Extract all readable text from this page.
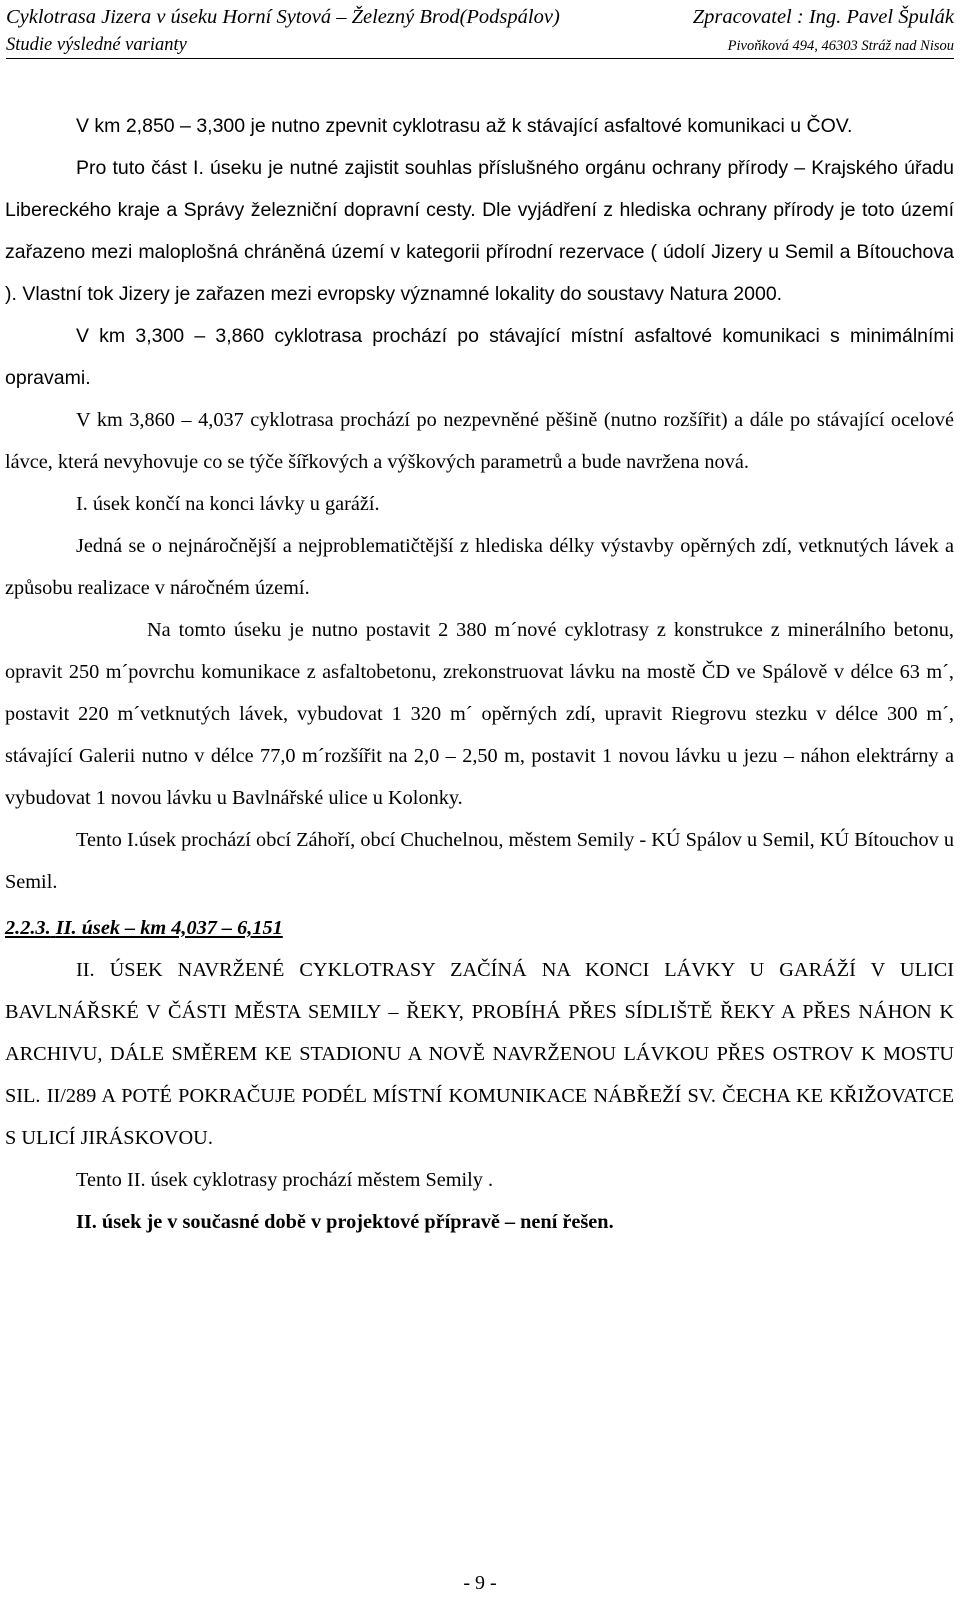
Cyklotrasa Jizera v úseku Horní Sytová – Železný Brod(Podspálov)	Zpracovatel : Ing. Pavel Špulák
Studie výsledné varianty	Pivoňková 494, 46303 Stráž nad Nisou

V km 2,850 – 3,300 je nutno zpevnit cyklotrasu až k stávající asfaltové komunikaci u ČOV.

Pro tuto část I. úseku je nutné zajistit souhlas příslušného orgánu ochrany přírody – Krajského úřadu Libereckého kraje a Správy železniční dopravní cesty. Dle vyjádření z hlediska ochrany přírody je toto území zařazeno mezi maloplošná chráněná území v kategorii přírodní rezervace ( údolí Jizery u Semil a Bítouchova ). Vlastní tok Jizery je zařazen mezi evropsky významné lokality do soustavy Natura 2000.

V km 3,300 – 3,860 cyklotrasa prochází po stávající místní asfaltové komunikaci s minimálními opravami.

V km 3,860 – 4,037 cyklotrasa prochází po nezpevněné pěšině (nutno rozšířit) a dále po stávající ocelové lávce, která nevyhovuje co se týče šířkových a výškových parametrů a bude navržena nová.

I. úsek končí na konci lávky u garáží.

Jedná se o nejnáročnější a nejproblematičtější z hlediska délky výstavby opěrných zdí, vetknutých lávek a způsobu realizace v náročném území.

Na tomto úseku je nutno postavit 2 380 m´nové cyklotrasy z konstrukce z minerálního betonu, opravit 250 m´povrchu komunikace z asfaltobetonu, zrekonstruovat lávku na mostě ČD ve Spálově v délce 63 m´, postavit 220 m´vetknutých lávek, vybudovat 1 320 m´ opěrných zdí, upravit Riegrovu stezku v délce 300 m´, stávající Galerii nutno v délce 77,0 m´rozšířit na 2,0 – 2,50 m, postavit 1 novou lávku u jezu – náhon elektrárny a vybudovat 1 novou lávku u Bavlnářské ulice u Kolonky.

Tento I.úsek prochází obcí Záhoří, obcí Chuchelnou, městem Semily - KÚ Spálov u Semil, KÚ Bítouchov u Semil.

2.2.3. II. úsek – km 4,037 – 6,151

II. ÚSEK NAVRŽENÉ CYKLOTRASY ZAČÍNÁ NA KONCI LÁVKY U GARÁŽÍ V ULICI BAVLNÁŘSKÉ V ČÁSTI MĚSTA SEMILY – ŘEKY, PROBÍHÁ PŘES SÍDLIŠTĚ ŘEKY A PŘES NÁHON K ARCHIVU, DÁLE SMĚREM KE STADIONU A NOVĚ NAVRŽENOU LÁVKOU PŘES OSTROV K MOSTU SIL. II/289 A POTÉ POKRAČUJE PODÉL MÍSTNÍ KOMUNIKACE NÁBŘEŽÍ SV. ČECHA KE KŘIŽOVATCE S ULICÍ JIRÁSKOVOU.

Tento II. úsek cyklotrasy prochází městem Semily .

II. úsek je v současné době v projektové přípravě – není řešen.

- 9 -
